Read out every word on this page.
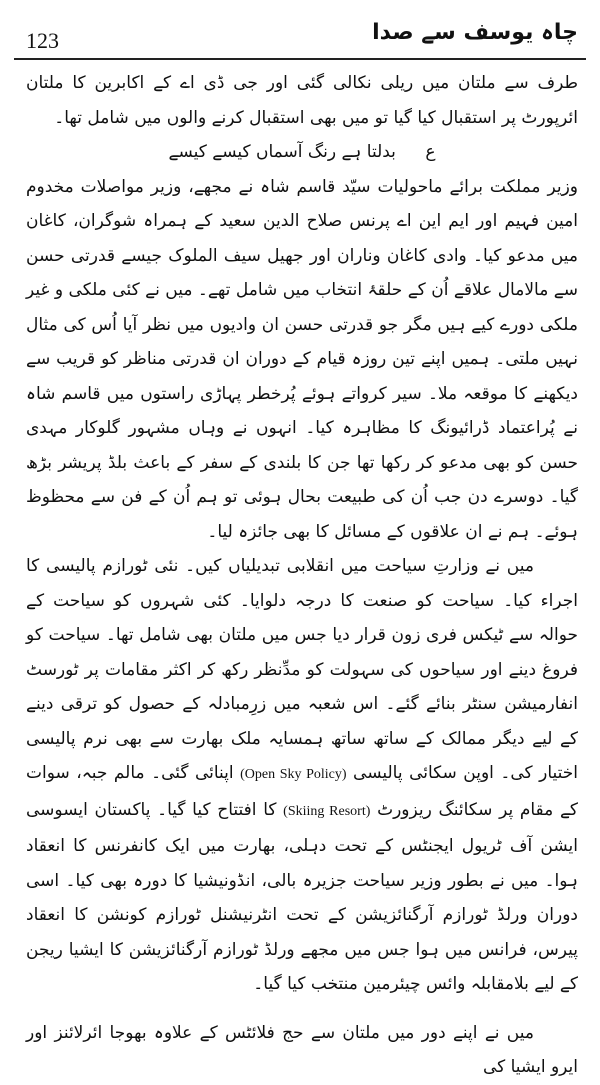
123	چاہ یوسف سے صدا

طرف سے ملتان میں ریلی نکالی گئی اور جی ڈی اے کے اکابرین کا ملتان ائرپورٹ پر استقبال کیا گیا تو میں بھی استقبال کرنے والوں میں شامل تھا۔

ع بدلتا ہے رنگ آسماں کیسے کیسے

وزیر مملکت برائے ماحولیات سیّد قاسم شاہ نے مجھے، وزیر مواصلات مخدوم امین فہیم اور ایم این اے پرنس صلاح الدین سعید کے ہمراہ شوگران، کاغان میں مدعو کیا۔ وادی کاغان وناران اور جھیل سیف الملوک جیسے قدرتی حسن سے مالامال علاقے اُن کے حلقۂ انتخاب میں شامل تھے۔ میں نے کئی ملکی و غیر ملکی دورے کیے ہیں مگر جو قدرتی حسن ان وادیوں میں نظر آیا اُس کی مثال نہیں ملتی۔ ہمیں اپنے تین روزہ قیام کے دوران ان قدرتی مناظر کو قریب سے دیکھنے کا موقعہ ملا۔ سیر کرواتے ہوئے پُرخطر پہاڑی راستوں میں قاسم شاہ نے پُراعتماد ڈرائیونگ کا مظاہرہ کیا۔ انہوں نے وہاں مشہور گلوکار مہدی حسن کو بھی مدعو کر رکھا تھا جن کا بلندی کے سفر کے باعث بلڈ پریشر بڑھ گیا۔ دوسرے دن جب اُن کی طبیعت بحال ہوئی تو ہم اُن کے فن سے محظوظ ہوئے۔ ہم نے ان علاقوں کے مسائل کا بھی جائزہ لیا۔

میں نے وزارتِ سیاحت میں انقلابی تبدیلیاں کیں۔ نئی ٹورازم پالیسی کا اجراء کیا۔ سیاحت کو صنعت کا درجہ دلوایا۔ کئی شہروں کو سیاحت کے حوالہ سے ٹیکس فری زون قرار دیا جس میں ملتان بھی شامل تھا۔ سیاحت کو فروغ دینے اور سیاحوں کی سہولت کو مدِّنظر رکھ کر اکثر مقامات پر ٹورسٹ انفارمیشن سنٹر بنائے گئے۔ اس شعبہ میں زرِمبادلہ کے حصول کو ترقی دینے کے لیے دیگر ممالک کے ساتھ ساتھ ہمسایہ ملک بھارت سے بھی نرم پالیسی اختیار کی۔ اوپن سکائی پالیسی (Open Sky Policy) اپنائی گئی۔ مالم جبہ، سوات کے مقام پر سکائنگ ریزورٹ (Skiing Resort) کا افتتاح کیا گیا۔ پاکستان ایسوسی ایشن آف ٹریول ایجنٹس کے تحت دہلی، بھارت میں ایک کانفرنس کا انعقاد ہوا۔ میں نے بطور وزیر سیاحت جزیرہ بالی، انڈونیشیا کا دورہ بھی کیا۔ اسی دوران ورلڈ ٹورازم آرگنائزیشن کے تحت انٹرنیشنل ٹورازم کونشن کا انعقاد پیرس، فرانس میں ہوا جس میں مجھے ورلڈ ٹورازم آرگنائزیشن کا ایشیا ریجن کے لیے بلامقابلہ وائس چیئرمین منتخب کیا گیا۔

میں نے اپنے دور میں ملتان سے حج فلائٹس کے علاوہ بھوجا ائرلائنز اور ایرو ایشیا کی
